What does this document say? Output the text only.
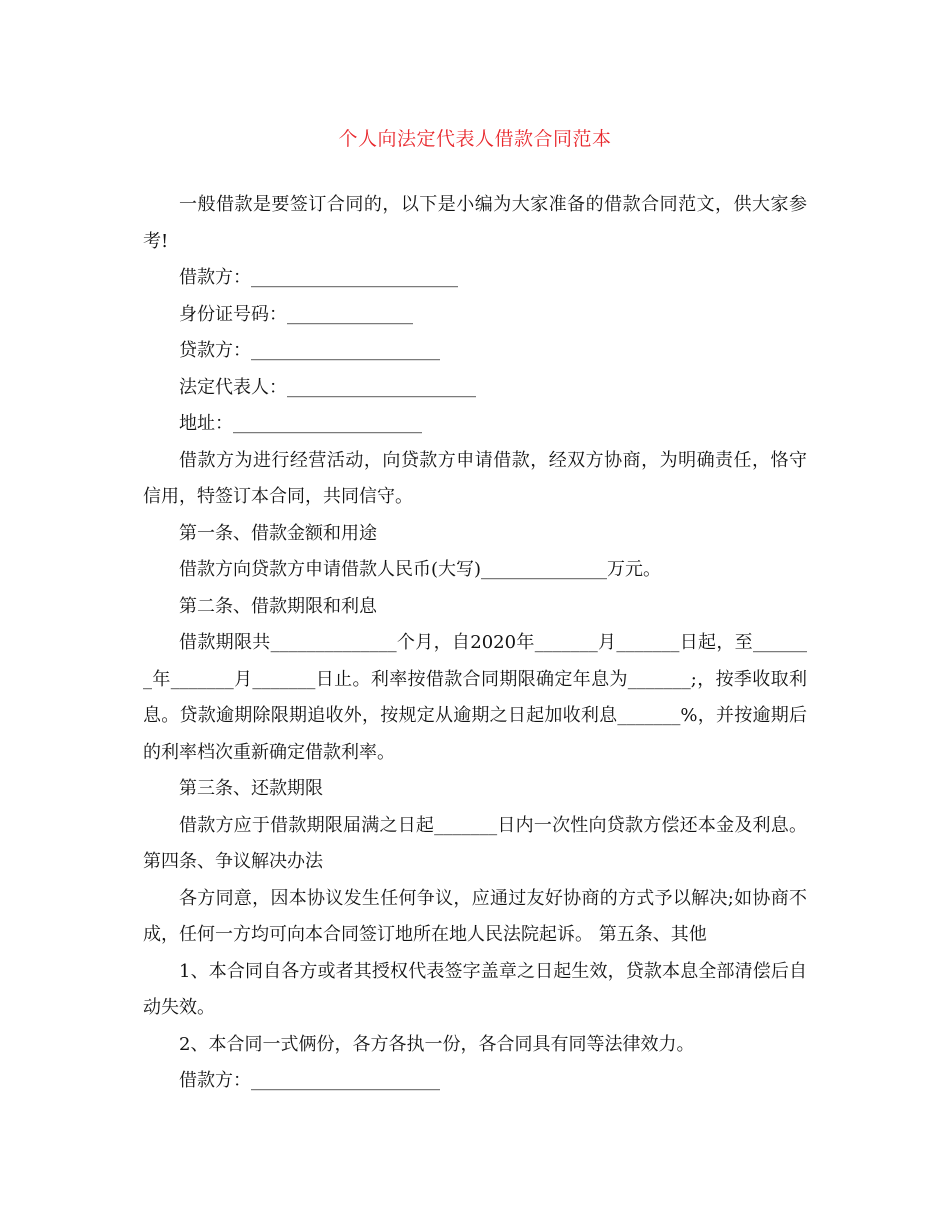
个人向法定代表人借款合同范本

一般借款是要签订合同的，以下是小编为大家准备的借款合同范文，供大家参考!

借款方：_______________________

身份证号码：______________

贷款方：_____________________

法定代表人：_____________________

地址：_____________________

借款方为进行经营活动，向贷款方申请借款，经双方协商，为明确责任，恪守信用，特签订本合同，共同信守。

第一条、借款金额和用途

借款方向贷款方申请借款人民币(大写)______________万元。

第二条、借款期限和利息

借款期限共______________个月，自2020年_______月_______日起，至_______年_______月_______日止。利率按借款合同期限确定年息为_______;，按季收取利息。贷款逾期除限期追收外，按规定从逾期之日起加收利息_______%，并按逾期后的利率档次重新确定借款利率。

第三条、还款期限

借款方应于借款期限届满之日起_______日内一次性向贷款方偿还本金及利息。 第四条、争议解决办法

各方同意，因本协议发生任何争议，应通过友好协商的方式予以解决;如协商不成，任何一方均可向本合同签订地所在地人民法院起诉。 第五条、其他

1、本合同自各方或者其授权代表签字盖章之日起生效，贷款本息全部清偿后自动失效。

2、本合同一式俩份，各方各执一份，各合同具有同等法律效力。

借款方：_____________________
